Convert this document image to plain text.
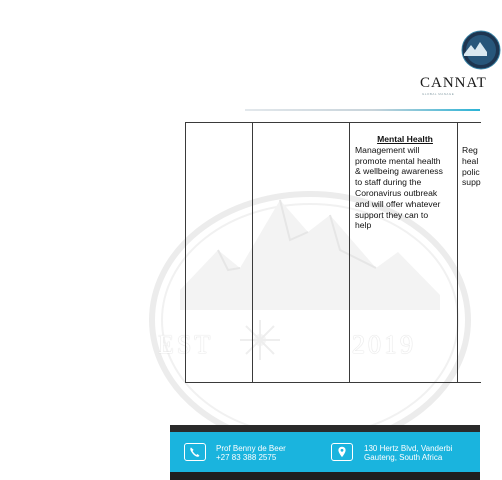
CANNAT
GLOBAL MANAGE
EST	2019
Mental Health
Management will
promote mental health
& wellbeing awareness
to staff during the
Coronavirus outbreak
and will offer whatever
support they can to
help
Reg
heal
polic
supp
Prof Benny de Beer
+27 83 388 2575
130 Hertz Blvd, Vanderbi
Gauteng, South Africa
